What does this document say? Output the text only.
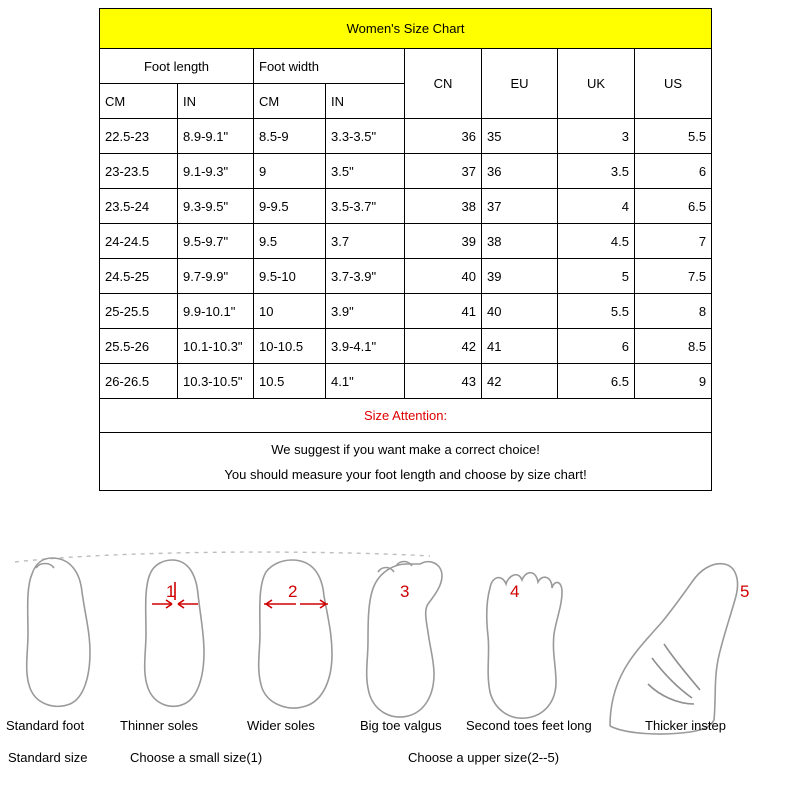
Women's Size Chart							
Foot length		Foot width		CN	EU	UK	US
CM	IN	CM	IN				
22.5-23	8.9-9.1"	8.5-9	3.3-3.5"	36	35	3	5.5
23-23.5	9.1-9.3"	9	3.5"	37	36	3.5	6
23.5-24	9.3-9.5"	9-9.5	3.5-3.7"	38	37	4	6.5
24-24.5	9.5-9.7"	9.5	3.7	39	38	4.5	7
24.5-25	9.7-9.9"	9.5-10	3.7-3.9"	40	39	5	7.5
25-25.5	9.9-10.1"	10	3.9"	41	40	5.5	8
25.5-26	10.1-10.3"	10-10.5	3.9-4.1"	42	41	6	8.5
26-26.5	10.3-10.5"	10.5	4.1"	43	42	6.5	9
Size Attention:							

We suggest if you want make a correct choice!
You should measure your foot length and choose by size chart!							
1	2	3	4	5
Standard foot	Thinner soles	Wider soles	Big toe valgus Second toes feet long	Thicker instep
Standard size	Choose a small size(1)	Choose a upper size(2--5)
